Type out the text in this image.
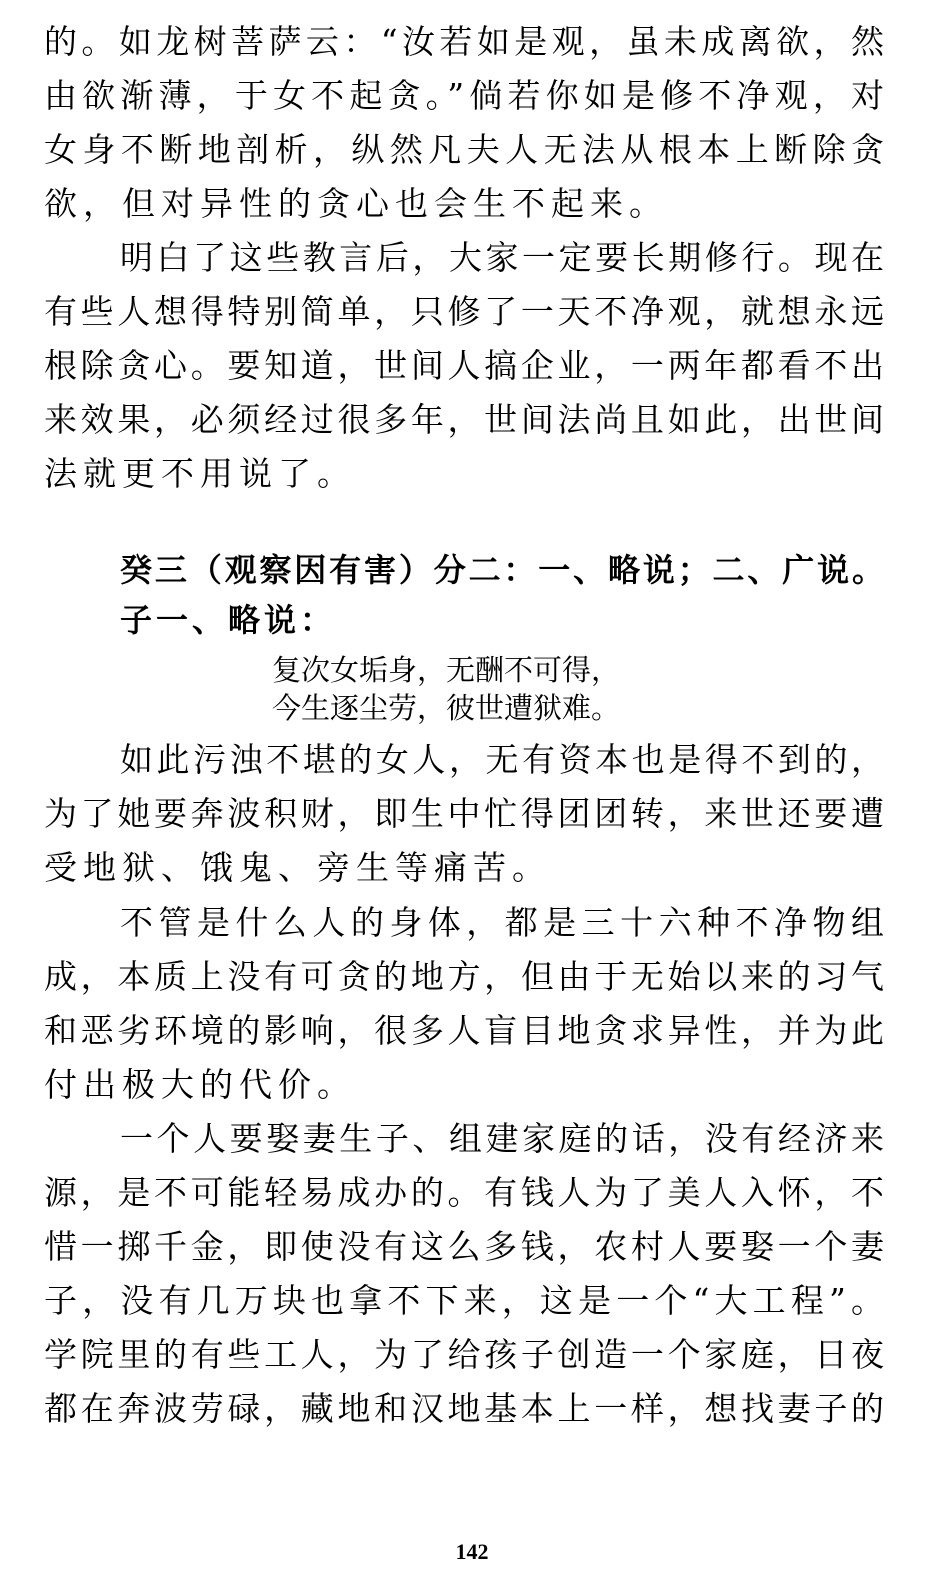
的。如龙树菩萨云：“汝若如是观，虽未成离欲，然
由欲渐薄，于女不起贪。”倘若你如是修不净观，对
女身不断地剖析，纵然凡夫人无法从根本上断除贪
欲，但对异性的贪心也会生不起来。
明白了这些教言后，大家一定要长期修行。现在
有些人想得特别简单，只修了一天不净观，就想永远
根除贪心。要知道，世间人搞企业，一两年都看不出
来效果，必须经过很多年，世间法尚且如此，出世间
法就更不用说了。
癸三（观察因有害）分二：一、略说；二、广说。
子一、略说：
复次女垢身，无酬不可得，
今生逐尘劳，彼世遭狱难。
如此污浊不堪的女人，无有资本也是得不到的，
为了她要奔波积财，即生中忙得团团转，来世还要遭
受地狱、饿鬼、旁生等痛苦。
不管是什么人的身体，都是三十六种不净物组
成，本质上没有可贪的地方，但由于无始以来的习气
和恶劣环境的影响，很多人盲目地贪求异性，并为此
付出极大的代价。
一个人要娶妻生子、组建家庭的话，没有经济来
源，是不可能轻易成办的。有钱人为了美人入怀，不
惜一掷千金，即使没有这么多钱，农村人要娶一个妻
子，没有几万块也拿不下来，这是一个“大工程”。
学院里的有些工人，为了给孩子创造一个家庭，日夜
都在奔波劳碌，藏地和汉地基本上一样，想找妻子的
142
